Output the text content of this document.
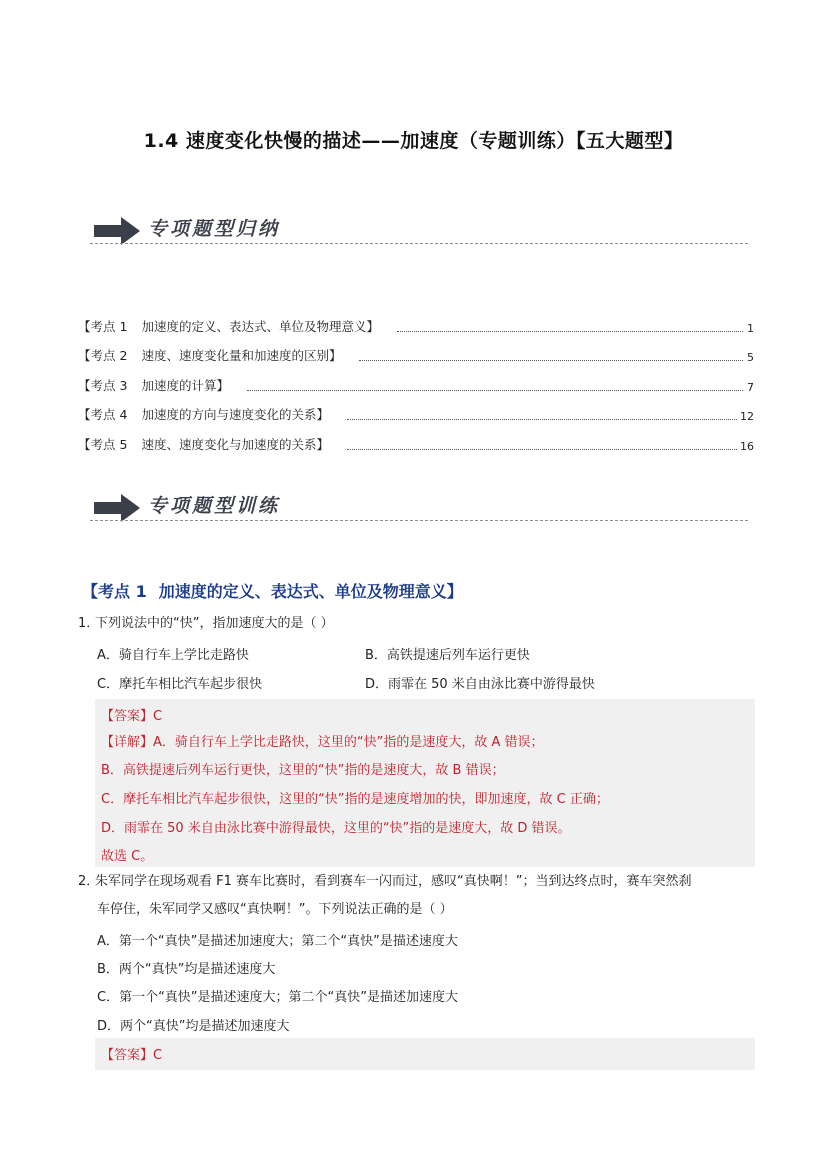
1.4 速度变化快慢的描述——加速度（专题训练）【五大题型】
专项题型归纳
【考点 1 加速度的定义、表达式、单位及物理意义】	1
【考点 2 速度、速度变化量和加速度的区别】	5
【考点 3 加速度的计算】	7
【考点 4 加速度的方向与速度变化的关系】	12
【考点 5 速度、速度变化与加速度的关系】	16
专项题型训练
【考点 1 加速度的定义、表达式、单位及物理意义】
1．下列说法中的“快”，指加速度大的是（ ）
A．骑自行车上学比走路快	B．高铁提速后列车运行更快
C．摩托车相比汽车起步很快	D．雨霏在 50 米自由泳比赛中游得最快
【答案】C
【详解】A．骑自行车上学比走路快，这里的“快”指的是速度大，故 A 错误；
B．高铁提速后列车运行更快，这里的“快”指的是速度大，故 B 错误；
C．摩托车相比汽车起步很快，这里的“快”指的是速度增加的快，即加速度，故 C 正确；
D．雨霏在 50 米自由泳比赛中游得最快，这里的“快”指的是速度大，故 D 错误。
故选 C。
2．朱军同学在现场观看 F1 赛车比赛时，看到赛车一闪而过，感叹“真快啊！”；当到达终点时，赛车突然刹
车停住，朱军同学又感叹“真快啊！”。下列说法正确的是（ ）
A．第一个“真快”是描述加速度大；第二个“真快”是描述速度大
B．两个“真快”均是描述速度大
C．第一个“真快”是描述速度大；第二个“真快”是描述加速度大
D．两个“真快”均是描述加速度大
【答案】C
